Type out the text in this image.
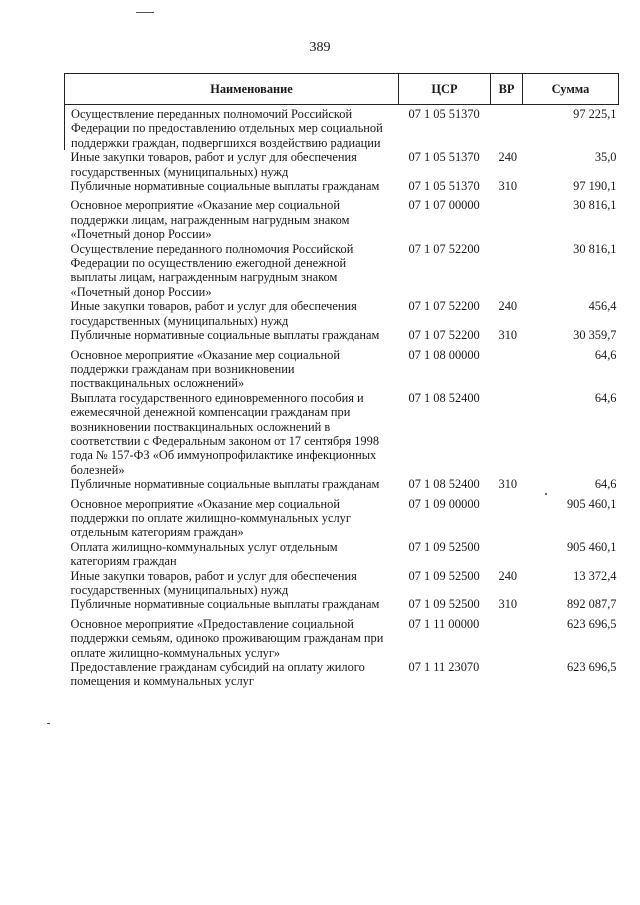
389
Наименование	ЦСР	ВР	Сумма
Осуществление переданных полномочий Российской Федерации по предоставлению отдельных мер социальной поддержки граждан, подвергшихся воздействию радиации	07 1 05 51370		97 225,1
Иные закупки товаров, работ и услуг для обеспечения государственных (муниципальных) нужд	07 1 05 51370	240	35,0
Публичные нормативные социальные выплаты гражданам	07 1 05 51370	310	97 190,1
Основное мероприятие «Оказание мер социальной поддержки лицам, награжденным нагрудным знаком «Почетный донор России»	07 1 07 00000		30 816,1
Осуществление переданного полномочия Российской Федерации по осуществлению ежегодной денежной выплаты лицам, награжденным нагрудным знаком «Почетный донор России»	07 1 07 52200		30 816,1
Иные закупки товаров, работ и услуг для обеспечения государственных (муниципальных) нужд	07 1 07 52200	240	456,4
Публичные нормативные социальные выплаты гражданам	07 1 07 52200	310	30 359,7
Основное мероприятие «Оказание мер социальной поддержки гражданам при возникновении поствакцинальных осложнений»	07 1 08 00000		64,6
Выплата государственного единовременного пособия и ежемесячной денежной компенсации гражданам при возникновении поствакцинальных осложнений в соответствии с Федеральным законом от 17 сентября 1998 года № 157-ФЗ «Об иммунопрофилактике инфекционных болезней»	07 1 08 52400		64,6
Публичные нормативные социальные выплаты гражданам	07 1 08 52400	310	64,6
Основное мероприятие «Оказание мер социальной поддержки по оплате жилищно-коммунальных услуг отдельным категориям граждан»	07 1 09 00000		905 460,1
Оплата жилищно-коммунальных услуг отдельным категориям граждан	07 1 09 52500		905 460,1
Иные закупки товаров, работ и услуг для обеспечения государственных (муниципальных) нужд	07 1 09 52500	240	13 372,4
Публичные нормативные социальные выплаты гражданам	07 1 09 52500	310	892 087,7
Основное мероприятие «Предоставление социальной поддержки семьям, одиноко проживающим гражданам при оплате жилищно-коммунальных услуг»	07 1 11 00000		623 696,5
Предоставление гражданам субсидий на оплату жилого помещения и коммунальных услуг	07 1 11 23070		623 696,5
